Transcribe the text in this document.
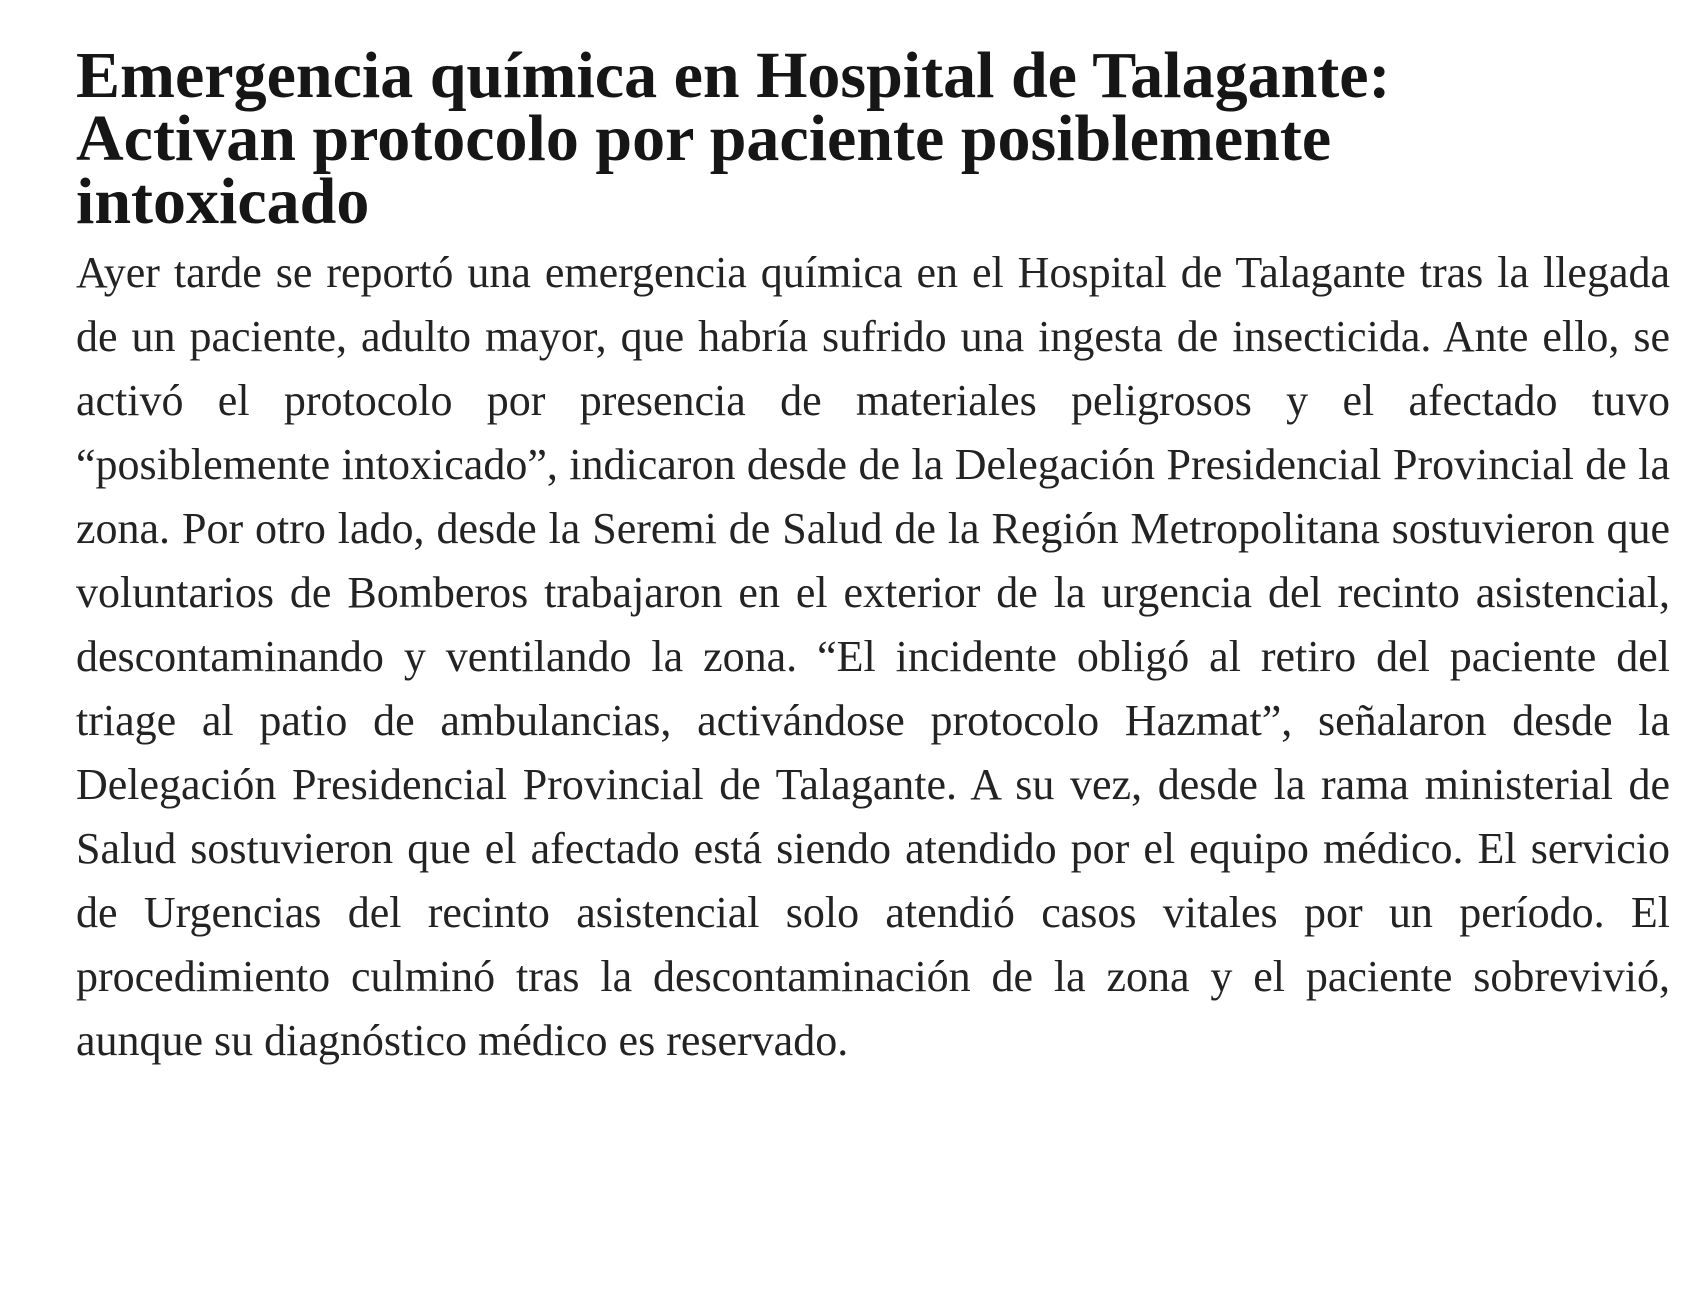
Emergencia química en Hospital de Talagante:
Activan protocolo por paciente posiblemente
intoxicado

Ayer tarde se reportó una emergencia química en el Hospital de Talagante tras la llegada de un paciente, adulto mayor, que habría sufrido una ingesta de insecticida. Ante ello, se activó el protocolo por presencia de materiales peligrosos y el afectado tuvo “posiblemente intoxicado”, indicaron desde de la Delegación Presidencial Provincial de la zona. Por otro lado, desde la Seremi de Salud de la Región Metropolitana sostuvieron que voluntarios de Bomberos trabajaron en el exterior de la urgencia del recinto asistencial, descontaminando y ventilando la zona. “El incidente obligó al retiro del paciente del triage al patio de ambulancias, activándose protocolo Hazmat”, señalaron desde la Delegación Presidencial Provincial de Talagante. A su vez, desde la rama ministerial de Salud sostuvieron que el afectado está siendo atendido por el equipo médico. El servicio de Urgencias del recinto asistencial solo atendió casos vitales por un período. El procedimiento culminó tras la descontaminación de la zona y el paciente sobrevivió, aunque su diagnóstico médico es reservado.
